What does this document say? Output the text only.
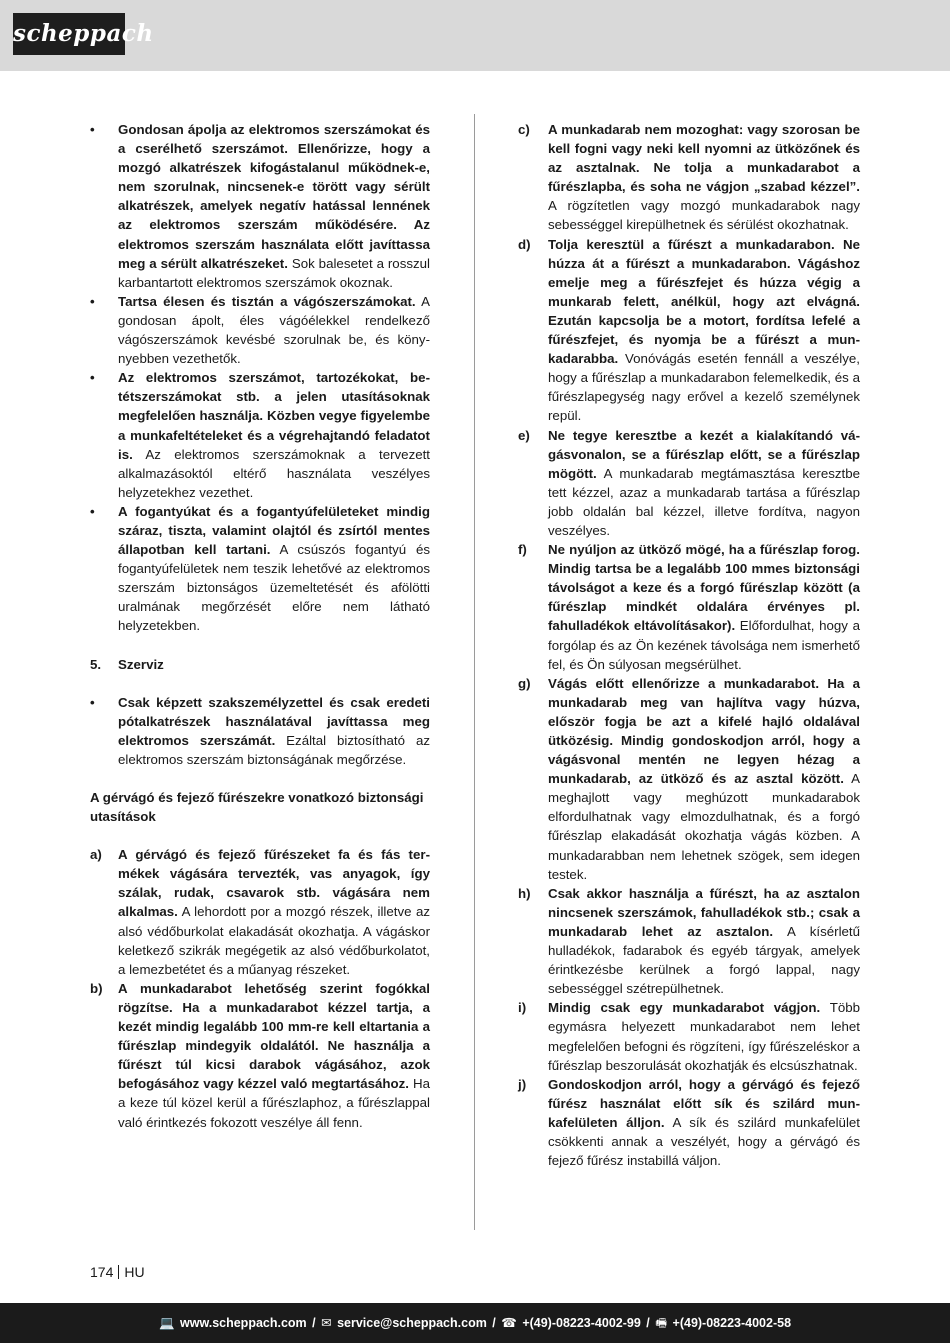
scheppach
• Gondosan ápolja az elektromos szerszámokat és a cserélhető szerszámot. Ellenőrizze, hogy a mozgó alkatrészek kifogástalanul működnek-e, nem szorulnak, nincsenek-e törött vagy sérült alkatrészek, amelyek negatív hatással lennének az elektromos szerszám működésére. Az elektromos szerszám használata előtt javíttassa meg a sérült alkatrészeket. Sok balesetet a rosszul karbantartott elektromos szerszámok okoznak.
• Tartsa élesen és tisztán a vágószerszámokat. A gondosan ápolt, éles vágóélekkel rendelkező vágószerszámok kevésbé szorulnak be, és könynyebben vezethetők.
• Az elektromos szerszámot, tartozékokat, betétszerszámokat stb. a jelen utasításoknak megfelelően használja. Közben vegye figyelembe a munkafeltételeket és a végrehajtandó feladatot is. Az elektromos szerszámoknak a tervezett alkalmazásoktól eltérő használata veszélyes helyzetekhez vezethet.
• A fogantyúkat és a fogantyúfelületeket mindig száraz, tiszta, valamint olajtól és zsírtól mentes állapotban kell tartani. A csúszós fogantyú és fogantyúfelületek nem teszik lehetővé az elektromos szerszám biztonságos üzemeltetését és afölötti uralmának megőrzését előre nem látható helyzetekben.
5. Szerviz
• Csak képzett szakszemélyzettel és csak eredeti pótalkatrészek használatával javíttassa meg elektromos szerszámát. Ezáltal biztosítható az elektromos szerszám biztonságának megőrzése.
A gérvágó és fejező fűrészekre vonatkozó biztonsági utasítások
a) A gérvágó és fejező fűrészeket fa és fás termékek vágására tervezték, vas anyagok, így szálak, rudak, csavarok stb. vágására nem alkalmas. A lehordott por a mozgó részek, illetve az alsó védőburkolat elakadását okozhatja. A vágáskor keletkező szikrák megégetik az alsó védőburkolatot, a lemezbetétet és a műanyag részeket.
b) A munkadarabot lehetőség szerint fogókkal rögzítse. Ha a munkadarabot kézzel tartja, a kezét mindig legalább 100 mm-re kell eltartania a fűrészlap mindegyik oldalától. Ne használja a fűrészt túl kicsi darabok vágásához, azok befogásához vagy kézzel való megtartásához. Ha a keze túl közel kerül a fűrészlaphoz, a fűrészlappal való érintkezés fokozott veszélye áll fenn.
c) A munkadarab nem mozoghat: vagy szorosan be kell fogni vagy neki kell nyomni az ütközőnek és az asztalnak. Ne tolja a munkadarabot a fűrészlapba, és soha ne vágjon „szabad kézzel”. A rögzítetlen vagy mozgó munkadarabok nagy sebességgel kirepülhetnek és sérülést okozhatnak.
d) Tolja keresztül a fűrészt a munkadarabon. Ne húzza át a fűrészt a munkadarabon. Vágáshoz emelje meg a fűrészfejet és húzza végig a munkarab felett, anélkül, hogy azt elvágná. Ezután kapcsolja be a motort, fordítsa lefelé a fűrészfejet, és nyomja be a fűrészt a munkadarabba. Vonóvágás esetén fennáll a veszélye, hogy a fűrészlap a munkadarabon felemelkedik, és a fűrészlapegység nagy erővel a kezelő személynek repül.
e) Ne tegye keresztbe a kezét a kialakítandó vágásvonalon, se a fűrészlap előtt, se a fűrészlap mögött. A munkadarab megtámasztása keresztbe tett kézzel, azaz a munkadarab tartása a fűrészlap jobb oldalán bal kézzel, illetve fordítva, nagyon veszélyes.
f) Ne nyúljon az ütköző mögé, ha a fűrészlap forog. Mindig tartsa be a legalább 100 mmes biztonsági távolságot a keze és a forgó fűrészlap között (a fűrészlap mindkét oldalára érvényes pl. fahulladékok eltávolításakor). Előfordulhat, hogy a forgólap és az Ön kezének távolsága nem ismerhető fel, és Ön súlyosan megsérülhet.
g) Vágás előtt ellenőrizze a munkadarabot. Ha a munkadarab meg van hajlítva vagy húzva, először fogja be azt a kifelé hajló oldalával ütközésig. Mindig gondoskodjon arról, hogy a vágásvonal mentén ne legyen hézag a munkadarab, az ütköző és az asztal között. A meghajlott vagy meghúzott munkadarabok elfordulhatnak vagy elmozdulhatnak, és a forgó fűrészlap elakadását okozhatja vágás közben. A munkadarabban nem lehetnek szögek, sem idegen testek.
h) Csak akkor használja a fűrészt, ha az asztalon nincsenek szerszámok, fahulladékok stb.; csak a munkadarab lehet az asztalon. A kísérletű hulladékok, fadarabok és egyéb tárgyak, amelyek érintkezésbe kerülnek a forgó lappal, nagy sebességgel szétrepülhetnek.
i) Mindig csak egy munkadarabot vágjon. Több egymásra helyezett munkadarabot nem lehet megfelelően befogni és rögzíteni, így fűrészeléskor a fűrészlap beszorulását okozhatják és elcsúszhatnak.
j) Gondoskodjon arról, hogy a gérvágó és fejező fűrész használat előtt sík és szilárd munkafelületen álljon. A sík és szilárd munkafelület csökkenti annak a veszélyét, hogy a gérvágó és fejező fűrész instabillá váljon.
174 HU
💻 www.scheppach.com / ✉ service@scheppach.com / ☎ +(49)-08223-4002-99 / 🖷 +(49)-08223-4002-58
